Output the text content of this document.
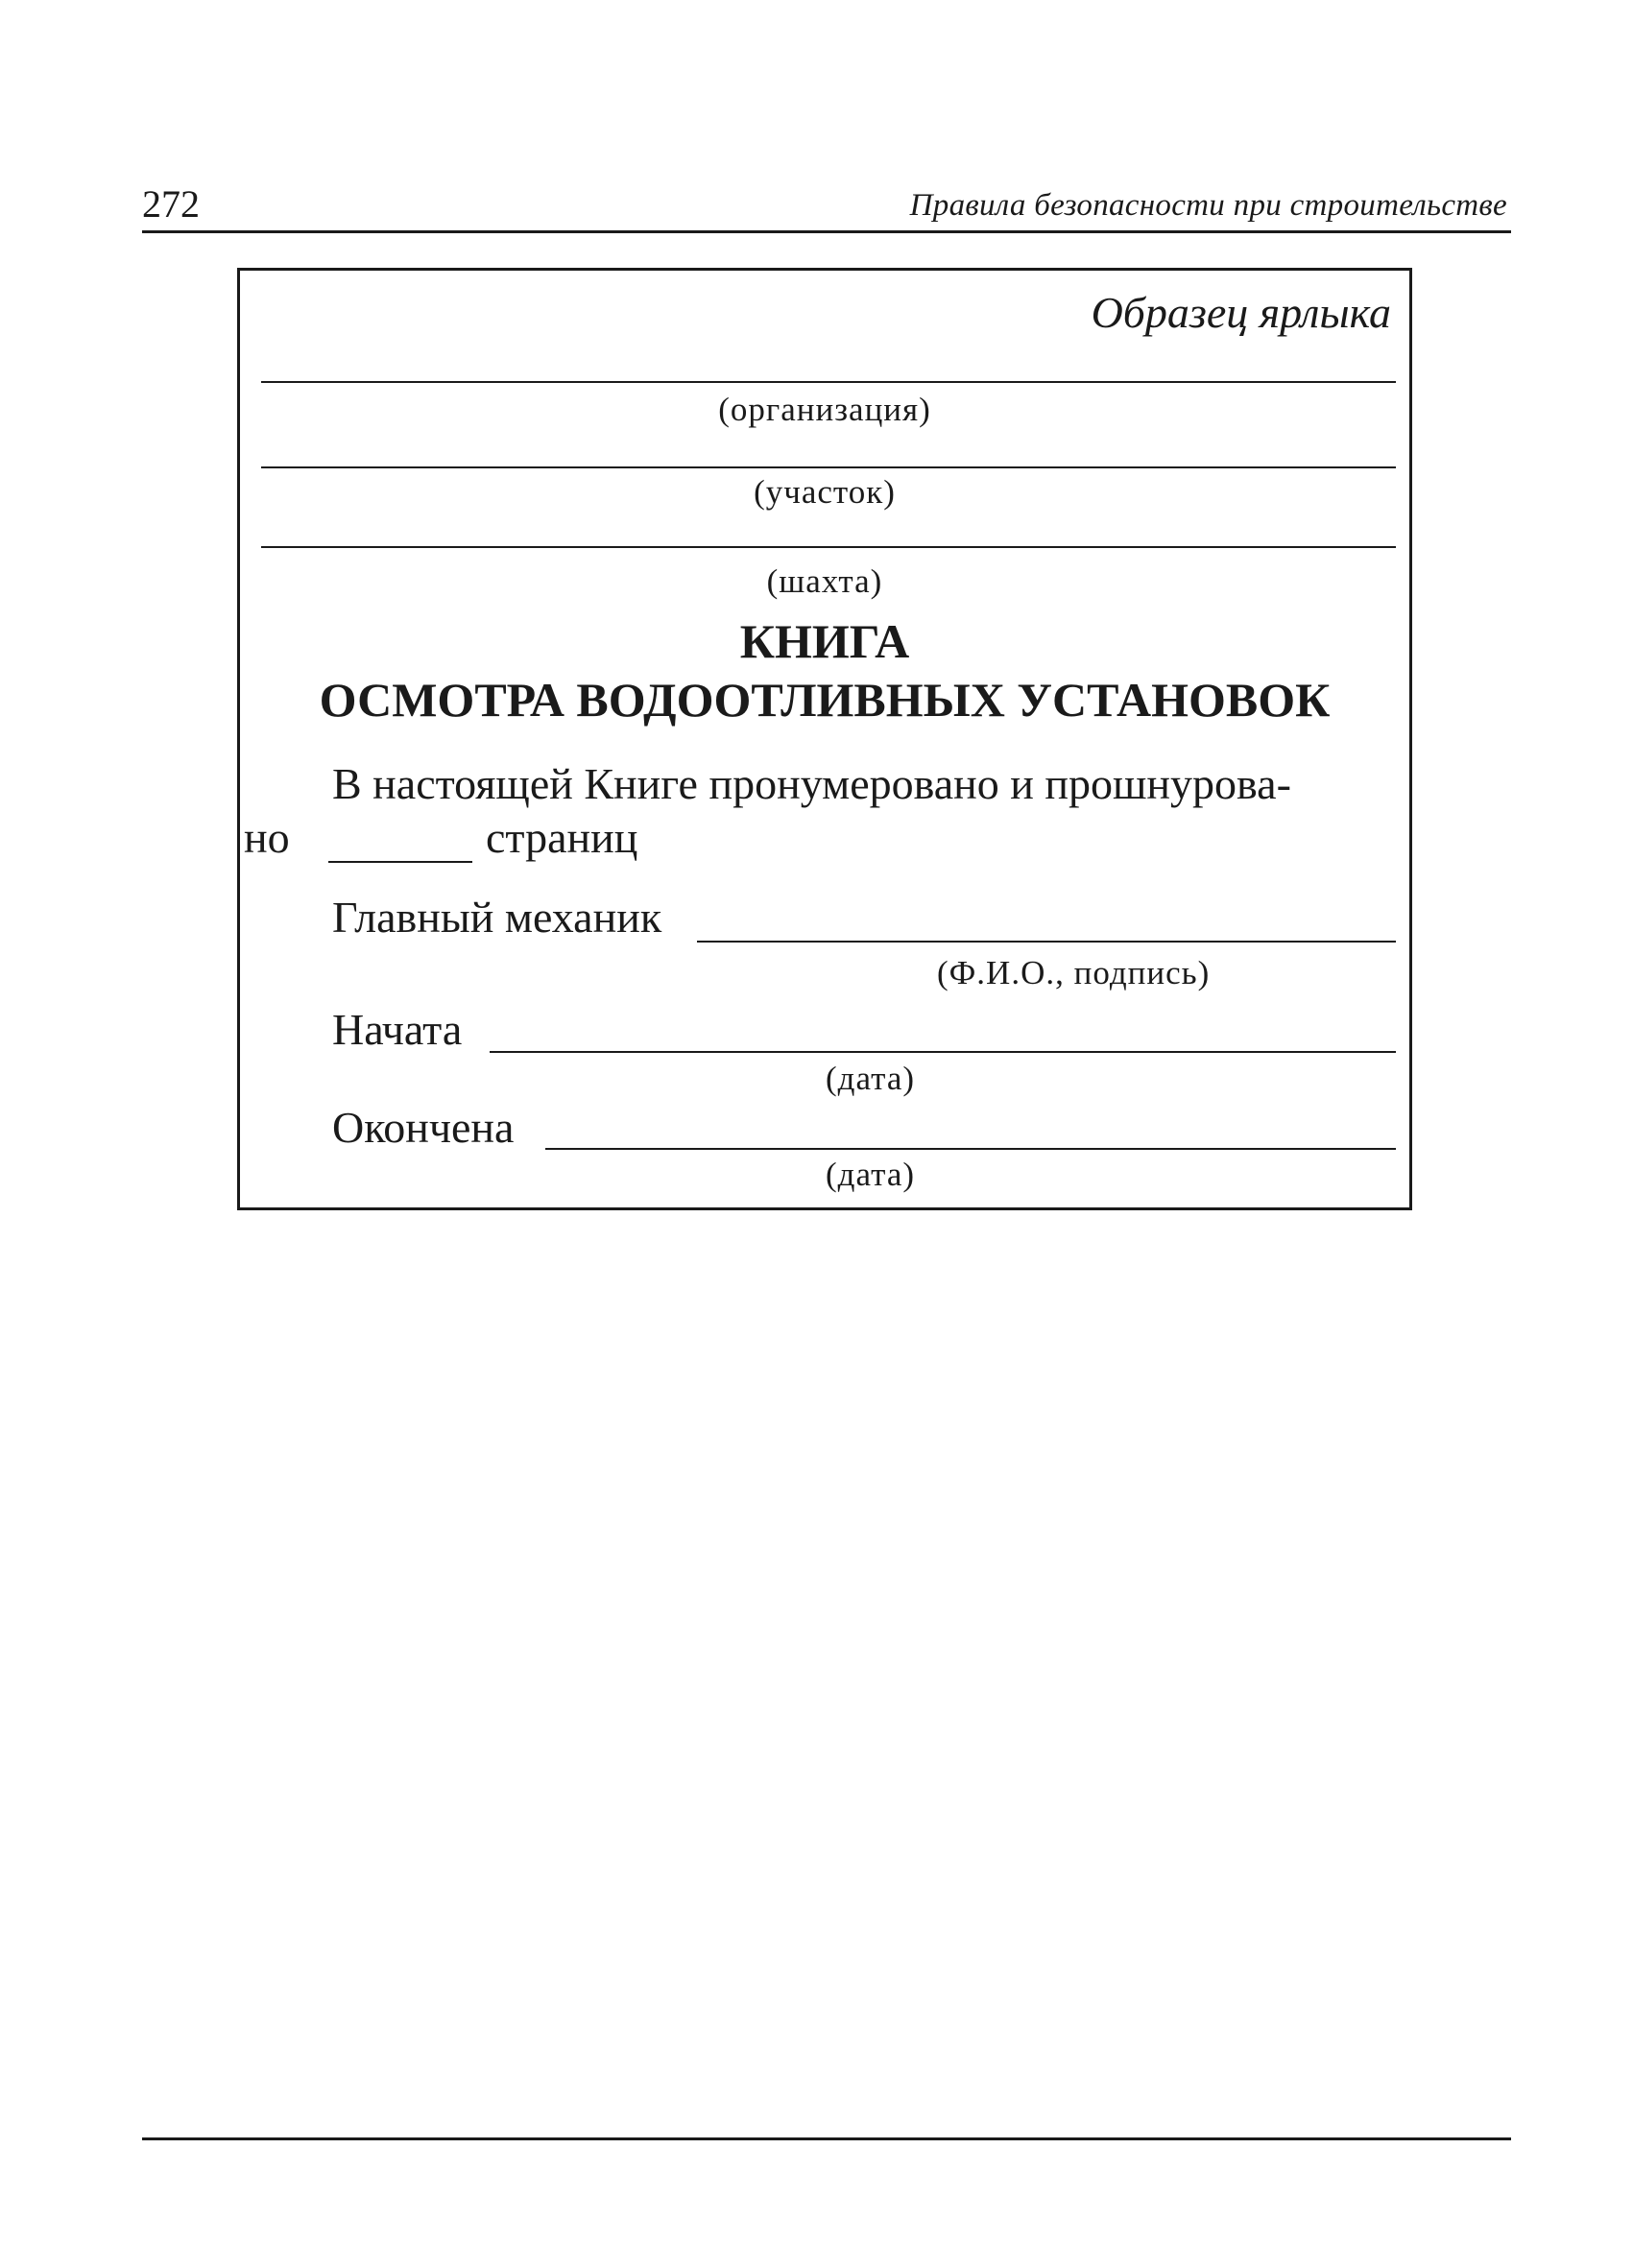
272	Правила безопасности при строительстве
Образец ярлыка
(организация)
(участок)
(шахта)
КНИГА
ОСМОТРА ВОДООТЛИВНЫХ УСТАНОВОК
В настоящей Книге пронумеровано и прошнурова-
но	страниц
Главный механик
(Ф.И.О., подпись)
Начата
(дата)
Окончена
(дата)
